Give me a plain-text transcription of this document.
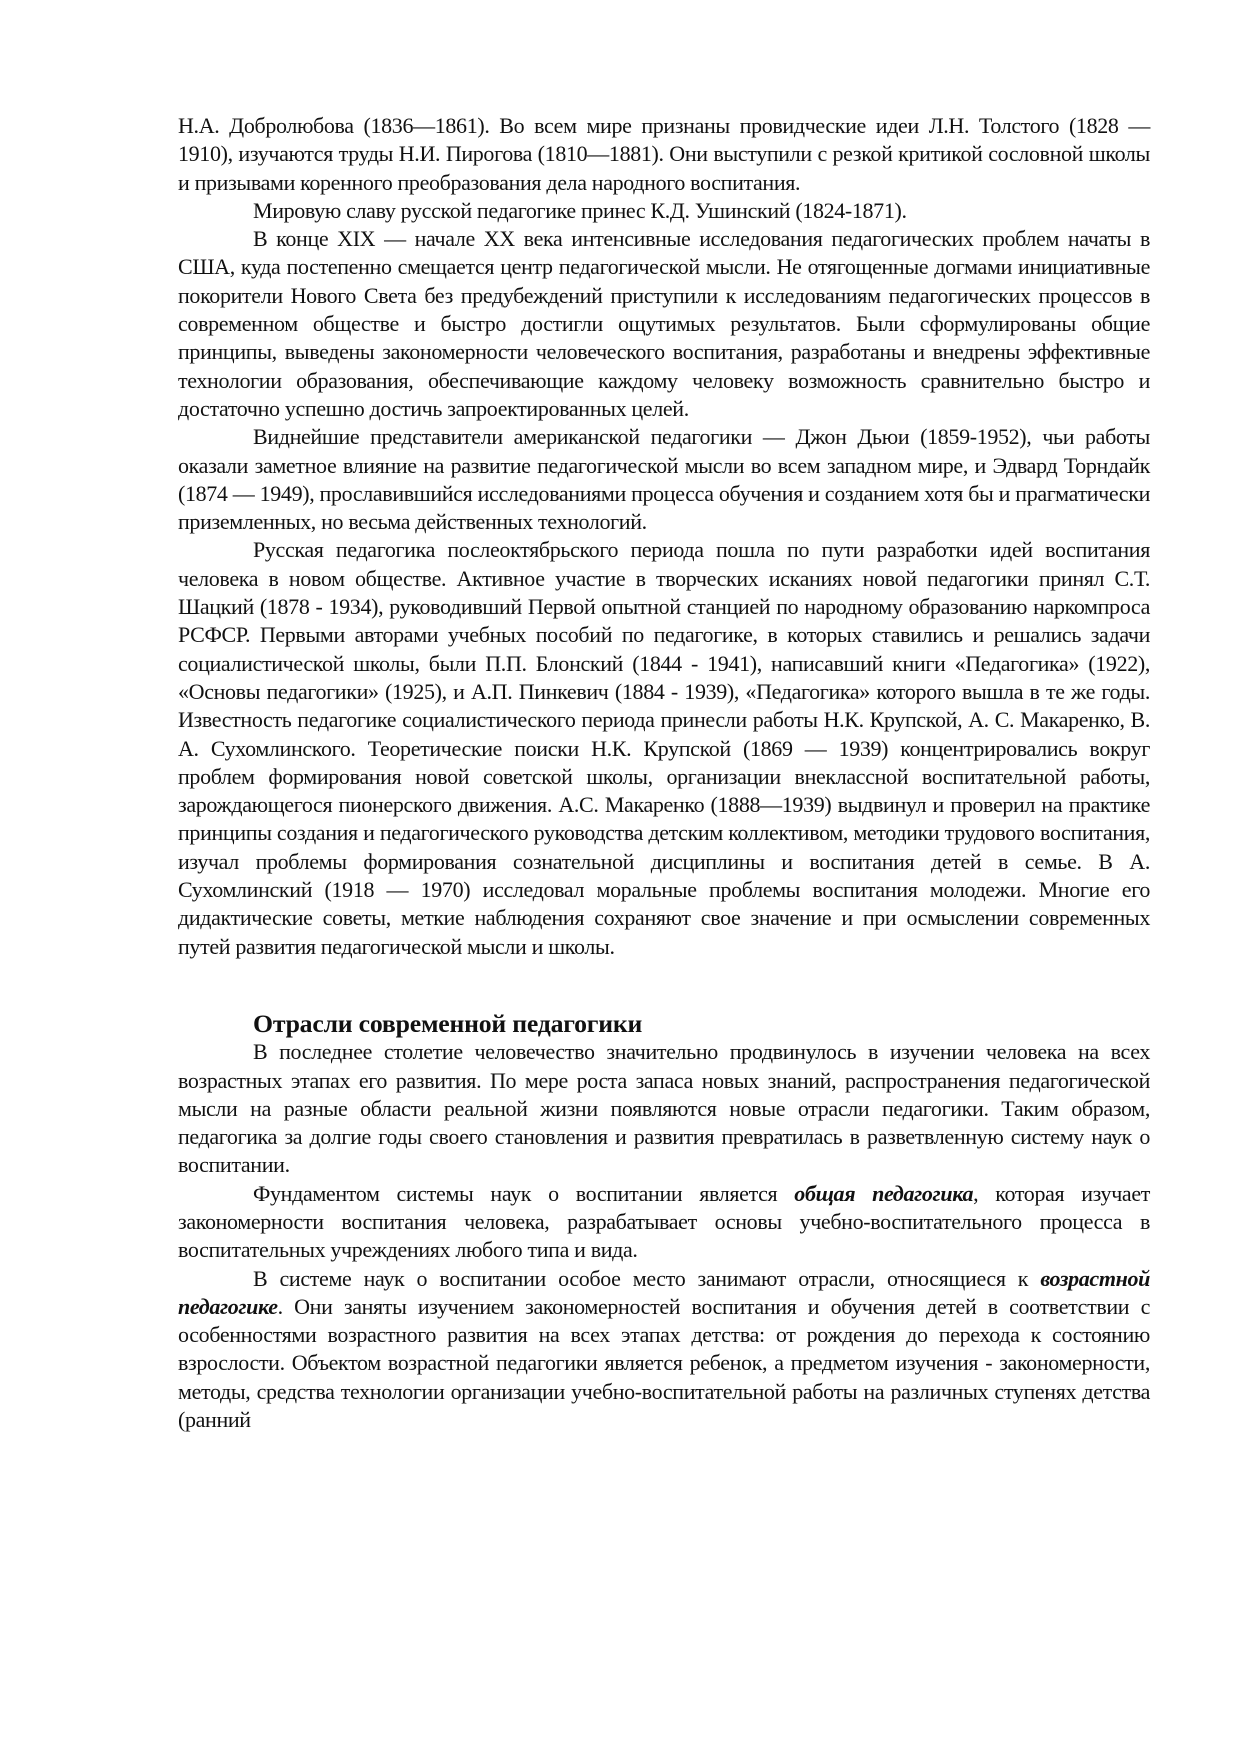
Н.А. Добролюбова (1836—1861). Во всем мире признаны провидческие идеи Л.Н. Толстого (1828 — 1910), изучаются труды Н.И. Пирогова (1810—1881). Они выступили с резкой критикой сословной школы и призывами коренного преобразования дела народного воспитания.

Мировую славу русской педагогике принес К.Д. Ушинский (1824-1871).

В конце XIX — начале XX века интенсивные исследования педагогических проблем начаты в США, куда постепенно смещается центр педагогической мысли. Не отягощенные догмами инициативные покорители Нового Света без предубеждений приступили к исследованиям педагогических процессов в современном обществе и быстро достигли ощутимых результатов. Были сформулированы общие принципы, выведены закономерности человеческого воспитания, разработаны и внедрены эффективные технологии образования, обеспечивающие каждому человеку возможность сравнительно быстро и достаточно успешно достичь запроектированных целей.

Виднейшие представители американской педагогики — Джон Дьюи (1859-1952), чьи работы оказали заметное влияние на развитие педагогической мысли во всем западном мире, и Эдвард Торндайк (1874 — 1949), прославившийся исследованиями процесса обучения и созданием хотя бы и прагматически приземленных, но весьма действенных технологий.

Русская педагогика послеоктябрьского периода пошла по пути разработки идей воспитания человека в новом обществе. Активное участие в творческих исканиях новой педагогики принял С.Т. Шацкий (1878 - 1934), руководивший Первой опытной станцией по народному образованию наркомпроса РСФСР. Первыми авторами учебных пособий по педагогике, в которых ставились и решались задачи социалистической школы, были П.П. Блонский (1844 - 1941), написавший книги «Педагогика» (1922), «Основы педагогики» (1925), и А.П. Пинкевич (1884 - 1939), «Педагогика» которого вышла в те же годы. Известность педагогике социалистического периода принесли работы Н.К. Крупской, А. С. Макаренко, В. А. Сухомлинского. Теоретические поиски Н.К. Крупской (1869 — 1939) концентрировались вокруг проблем формирования новой советской школы, организации внеклассной воспитательной работы, зарождающегося пионерского движения. А.С. Макаренко (1888—1939) выдвинул и проверил на практике принципы создания и педагогического руководства детским коллективом, методики трудового воспитания, изучал проблемы формирования сознательной дисциплины и воспитания детей в семье. В А. Сухомлинский (1918 — 1970) исследовал моральные проблемы воспитания молодежи. Многие его дидактические советы, меткие наблюдения сохраняют свое значение и при осмыслении современных путей развития педагогической мысли и школы.

Отрасли современной педагогики

В последнее столетие человечество значительно продвинулось в изучении человека на всех возрастных этапах его развития. По мере роста запаса новых знаний, распространения педагогической мысли на разные области реальной жизни появляются новые отрасли педагогики. Таким образом, педагогика за долгие годы своего становления и развития превратилась в разветвленную систему наук о воспитании.

Фундаментом системы наук о воспитании является общая педагогика, которая изучает закономерности воспитания человека, разрабатывает основы учебно-воспитательного процесса в воспитательных учреждениях любого типа и вида.

В системе наук о воспитании особое место занимают отрасли, относящиеся к возрастной педагогике. Они заняты изучением закономерностей воспитания и обучения детей в соответствии с особенностями возрастного развития на всех этапах детства: от рождения до перехода к состоянию взрослости. Объектом возрастной педагогики является ребенок, а предметом изучения - закономерности, методы, средства технологии организации учебно-воспитательной работы на различных ступенях детства (ранний
